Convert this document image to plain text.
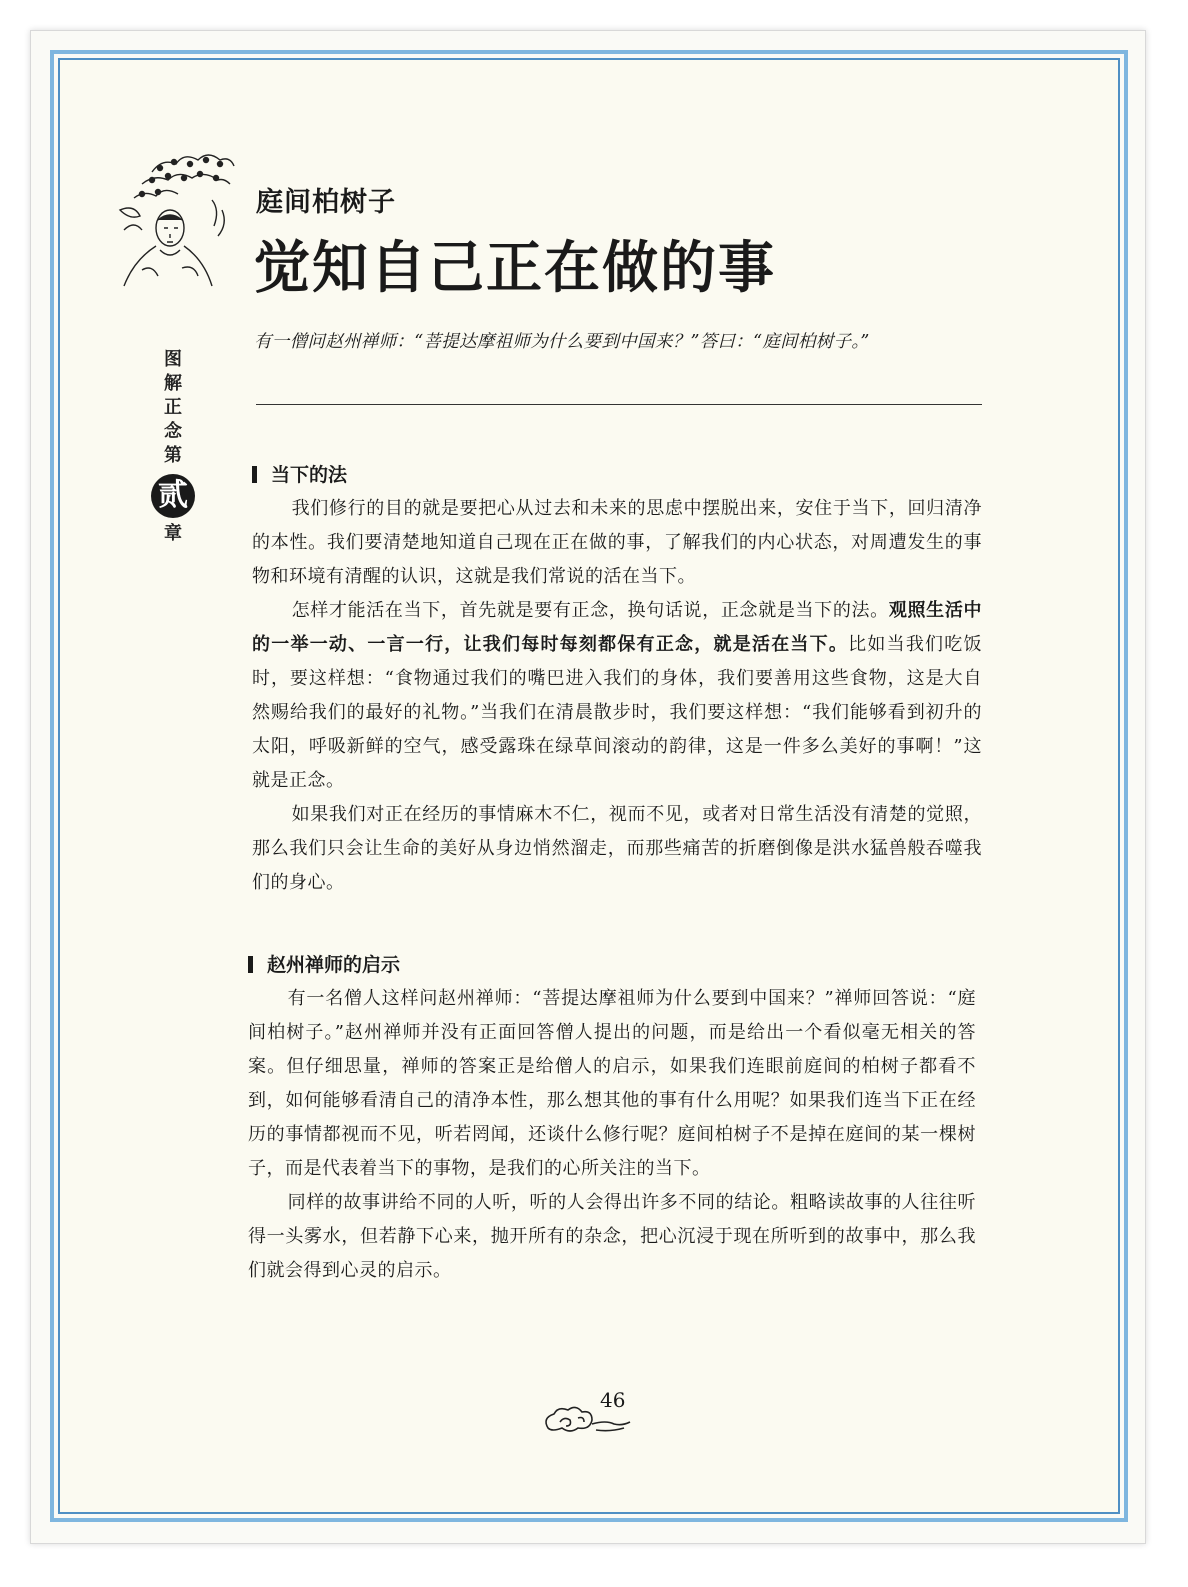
庭间柏树子
觉知自己正在做的事
有一僧问赵州禅师：“菩提达摩祖师为什么要到中国来？”答曰：“庭间柏树子。”
图
解
正
念
第
贰
章
当下的法

我们修行的目的就是要把心从过去和未来的思虑中摆脱出来，安住于当下，回归清净的本性。我们要清楚地知道自己现在正在做的事，了解我们的内心状态，对周遭发生的事物和环境有清醒的认识，这就是我们常说的活在当下。

怎样才能活在当下，首先就是要有正念，换句话说，正念就是当下的法。观照生活中的一举一动、一言一行，让我们每时每刻都保有正念，就是活在当下。比如当我们吃饭时，要这样想：“食物通过我们的嘴巴进入我们的身体，我们要善用这些食物，这是大自然赐给我们的最好的礼物。”当我们在清晨散步时，我们要这样想：“我们能够看到初升的太阳，呼吸新鲜的空气，感受露珠在绿草间滚动的韵律，这是一件多么美好的事啊！”这就是正念。

如果我们对正在经历的事情麻木不仁，视而不见，或者对日常生活没有清楚的觉照，那么我们只会让生命的美好从身边悄然溜走，而那些痛苦的折磨倒像是洪水猛兽般吞噬我们的身心。

赵州禅师的启示

有一名僧人这样问赵州禅师：“菩提达摩祖师为什么要到中国来？”禅师回答说：“庭间柏树子。”赵州禅师并没有正面回答僧人提出的问题，而是给出一个看似毫无相关的答案。但仔细思量，禅师的答案正是给僧人的启示，如果我们连眼前庭间的柏树子都看不到，如何能够看清自己的清净本性，那么想其他的事有什么用呢？如果我们连当下正在经历的事情都视而不见，听若罔闻，还谈什么修行呢？庭间柏树子不是掉在庭间的某一棵树子，而是代表着当下的事物，是我们的心所关注的当下。

同样的故事讲给不同的人听，听的人会得出许多不同的结论。粗略读故事的人往往听得一头雾水，但若静下心来，抛开所有的杂念，把心沉浸于现在所听到的故事中，那么我们就会得到心灵的启示。

46
